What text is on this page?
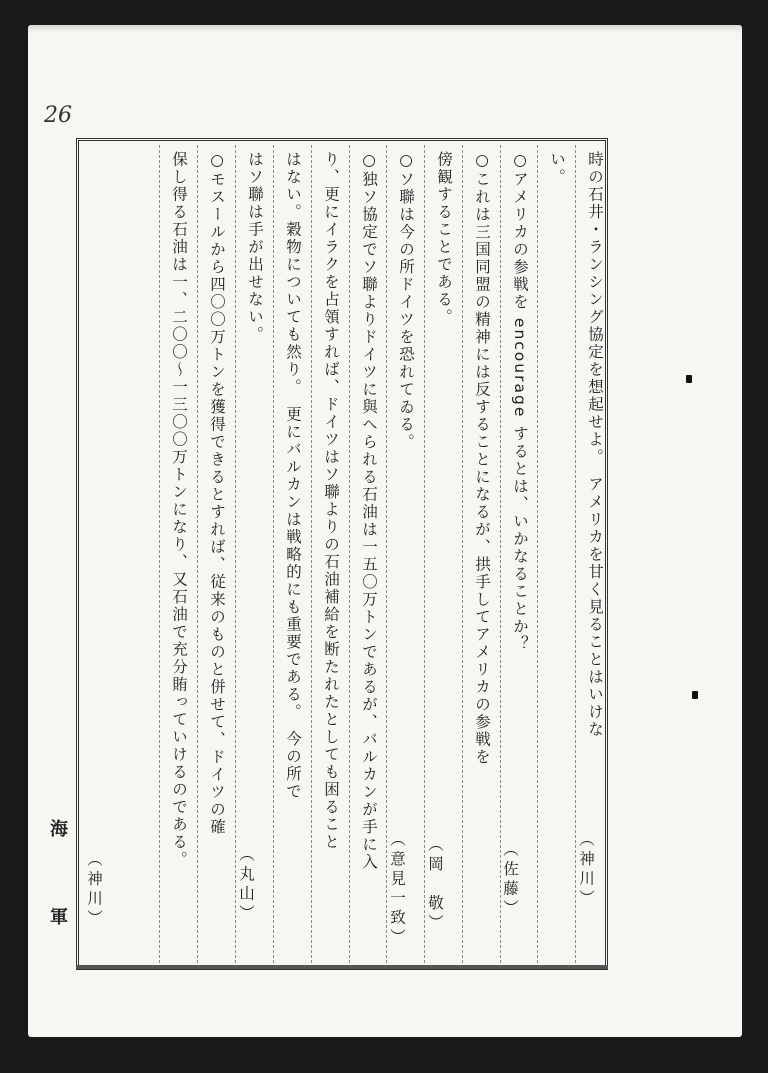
26
海
軍
時の石井・ランシング協定を想起せよ。　アメリカを甘く見ることはいけな
い。
○アメリカの参戦を encourage するとは、いかなることか？
○これは三国同盟の精神には反することになるが、拱手してアメリカの参戦を
傍観することである。
○ソ聯は今の所ドイツを恐れてゐる。
○独ソ協定でソ聯よりドイツに與へられる石油は一五〇万トンであるが、バルカンが手に入
り、更にイラクを占領すれば、ドイツはソ聯よりの石油補給を断たれたとしても困ること
はない。穀物についても然り。　更にバルカンは戦略的にも重要である。　今の所で
はソ聯は手が出せない。
○モスールから四〇〇万トンを獲得できるとすれば、従来のものと併せて、ドイツの確
保し得る石油は一、二〇〇～一三〇〇万トンになり、又石油で充分賄っていけるのである。
（神川）
（佐藤）
（岡　敬）
（意見一致）
（丸山）
（神川）
